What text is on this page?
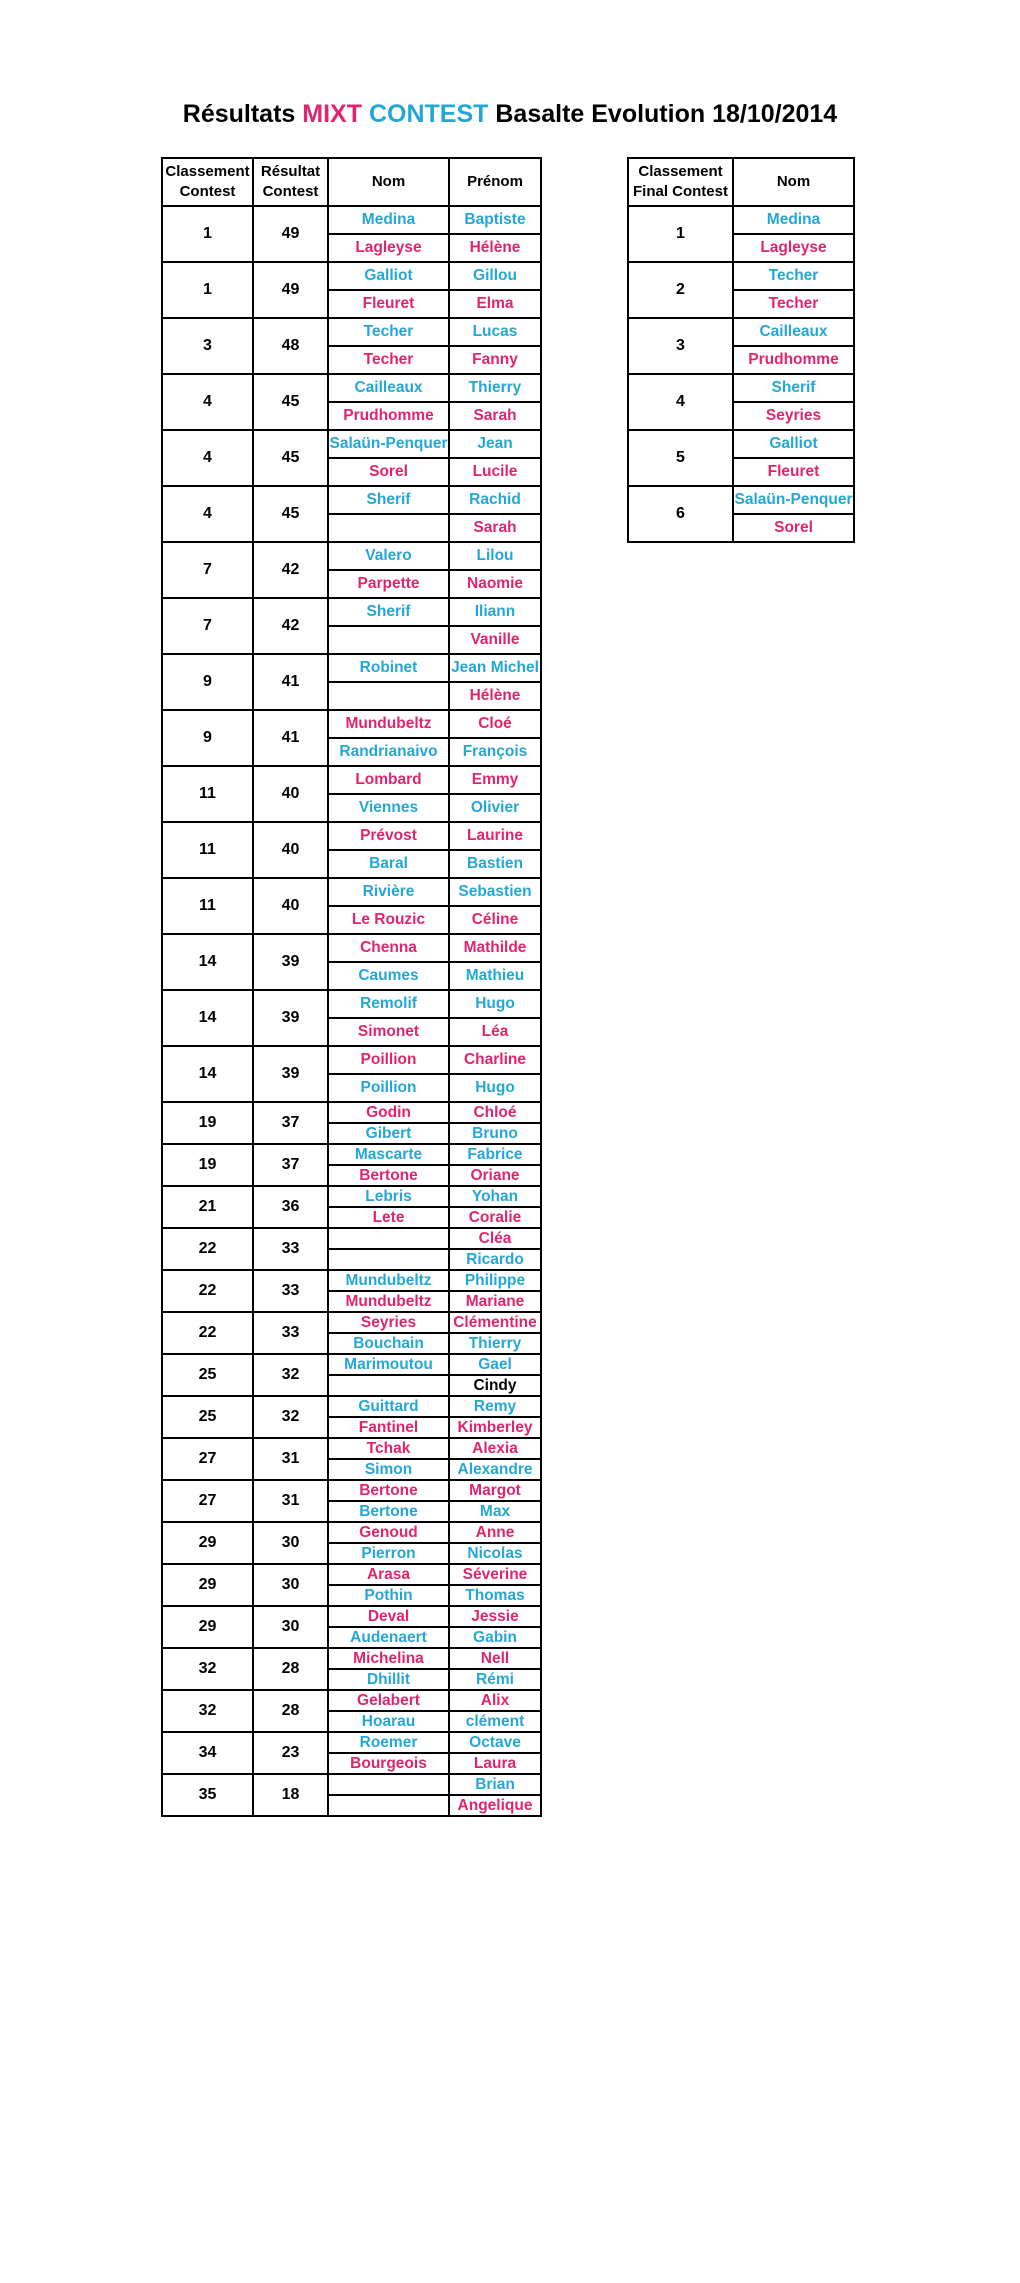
Résultats MIXT CONTEST Basalte Evolution 18/10/2014
Classement Contest	Résultat Contest	Nom	Prénom
1	49	Medina	Baptiste
		Lagleyse	Hélène
1	49	Galliot	Gillou
		Fleuret	Elma
3	48	Techer	Lucas
		Techer	Fanny
4	45	Cailleaux	Thierry
		Prudhomme	Sarah
4	45	Salaün-Penquer	Jean
		Sorel	Lucile
4	45	Sherif	Rachid
			Sarah
7	42	Valero	Lilou
		Parpette	Naomie
7	42	Sherif	Iliann
			Vanille
9	41	Robinet	Jean Michel
			Hélène
9	41	Mundubeltz	Cloé
		Randrianaivo	François
11	40	Lombard	Emmy
		Viennes	Olivier
11	40	Prévost	Laurine
		Baral	Bastien
11	40	Rivière	Sebastien
		Le Rouzic	Céline
14	39	Chenna	Mathilde
		Caumes	Mathieu
14	39	Remolif	Hugo
		Simonet	Léa
14	39	Poillion	Charline
		Poillion	Hugo
19	37	Godin	Chloé
		Gibert	Bruno
19	37	Mascarte	Fabrice
		Bertone	Oriane
21	36	Lebris	Yohan
		Lete	Coralie
22	33		Cléa
			Ricardo
22	33	Mundubeltz	Philippe
		Mundubeltz	Mariane
22	33	Seyries	Clémentine
		Bouchain	Thierry
25	32	Marimoutou	Gael
			Cindy
25	32	Guittard	Remy
		Fantinel	Kimberley
27	31	Tchak	Alexia
		Simon	Alexandre
27	31	Bertone	Margot
		Bertone	Max
29	30	Genoud	Anne
		Pierron	Nicolas
29	30	Arasa	Séverine
		Pothin	Thomas
29	30	Deval	Jessie
		Audenaert	Gabin
32	28	Michelina	Nell
		Dhillit	Rémi
32	28	Gelabert	Alix
		Hoarau	clément
34	23	Roemer	Octave
		Bourgeois	Laura
35	18		Brian
			Angelique
Classement Final Contest	Nom
1	Medina
	Lagleyse
2	Techer
	Techer
3	Cailleaux
	Prudhomme
4	Sherif
	Seyries
5	Galliot
	Fleuret
6	Salaün-Penquer
	Sorel
